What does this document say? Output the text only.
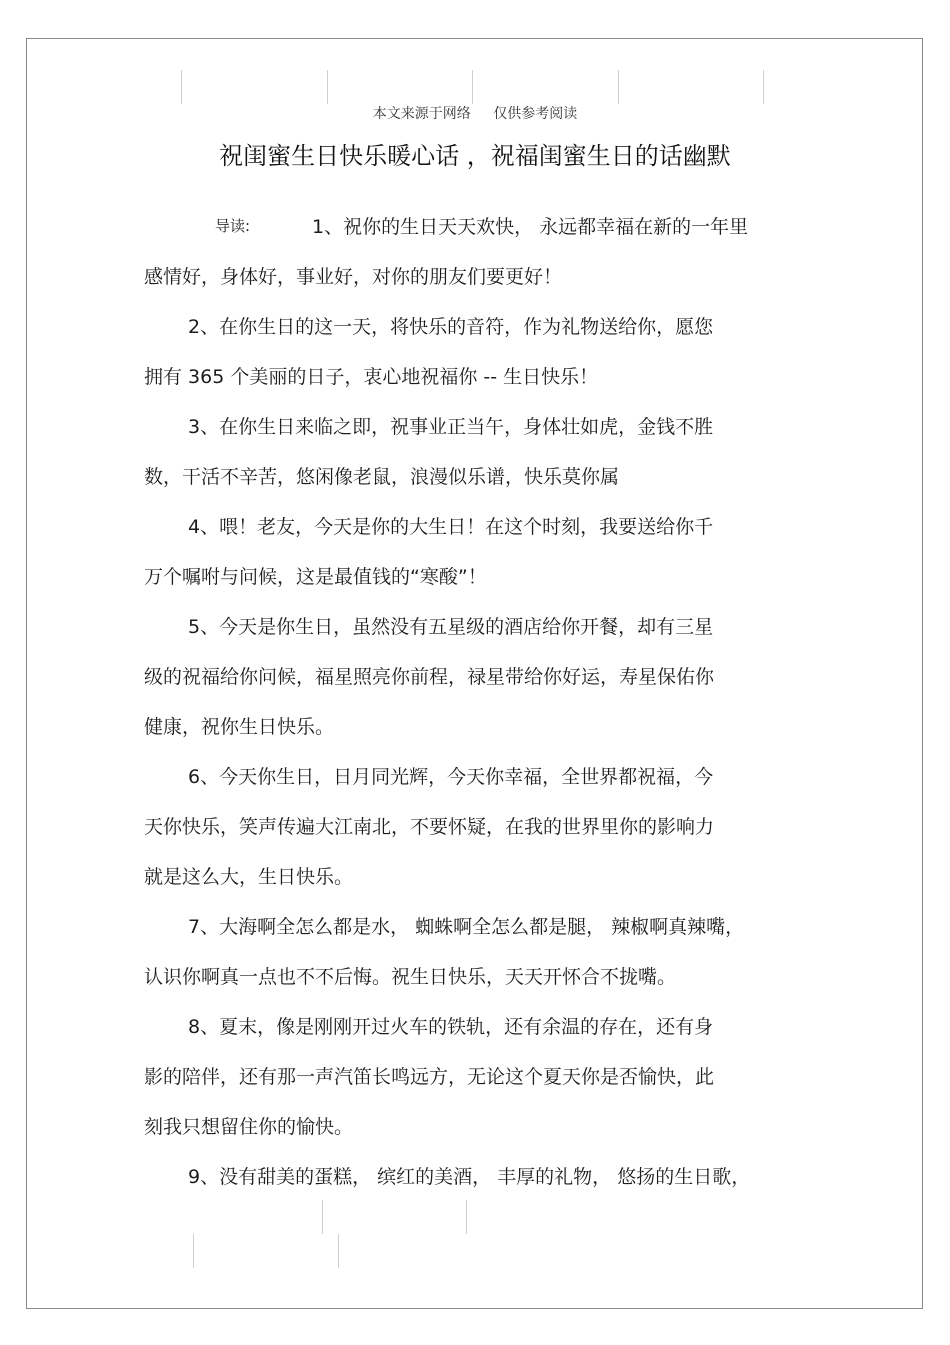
本文来源于网络 仅供参考阅读
祝闺蜜生日快乐暖心话 ，祝福闺蜜生日的话幽默
导读:	1、祝你的生日天天欢快， 永远都幸福在新的一年里
感情好，身体好，事业好，对你的朋友们要更好！
2、在你生日的这一天，将快乐的音符，作为礼物送给你，愿您
拥有 365 个美丽的日子，衷心地祝福你 -- 生日快乐！
3、在你生日来临之即，祝事业正当午，身体壮如虎，金钱不胜
数，干活不辛苦，悠闲像老鼠，浪漫似乐谱，快乐莫你属
4、喂！老友，今天是你的大生日！在这个时刻，我要送给你千
万个嘱咐与问候，这是最值钱的“寒酸”！
5、今天是你生日，虽然没有五星级的酒店给你开餐，却有三星
级的祝福给你问候，福星照亮你前程，禄星带给你好运，寿星保佑你
健康，祝你生日快乐。
6、今天你生日，日月同光辉，今天你幸福，全世界都祝福，今
天你快乐，笑声传遍大江南北，不要怀疑，在我的世界里你的影响力
就是这么大，生日快乐。
7、大海啊全怎么都是水， 蜘蛛啊全怎么都是腿， 辣椒啊真辣嘴，
认识你啊真一点也不不后悔。祝生日快乐，天天开怀合不拢嘴。
8、夏末，像是刚刚开过火车的铁轨，还有余温的存在，还有身
影的陪伴，还有那一声汽笛长鸣远方，无论这个夏天你是否愉快，此
刻我只想留住你的愉快。
9、没有甜美的蛋糕， 缤红的美酒， 丰厚的礼物， 悠扬的生日歌，
